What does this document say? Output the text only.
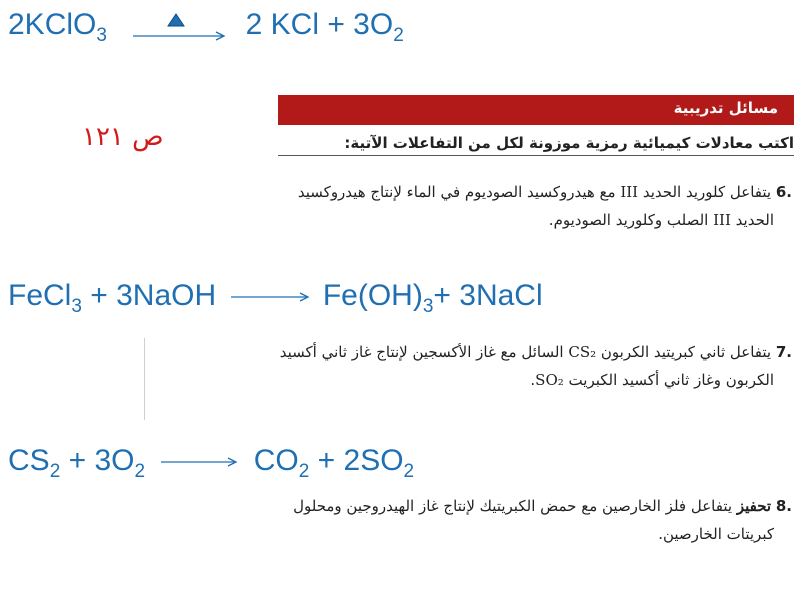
2KClO$_3$	2 KCl + $3O_2$
مسائل تدريبية
ص ١٢١	اكتب معادلات كيميائية رمزية موزونة لكل من التفاعلات الآتية:
.6 يتفاعل كلوريد الحديد III مع هيدروكسيد الصوديوم في الماء لإنتاج هيدروكسيد
الحديد III الصلب وكلوريد الصوديوم.
FeCl$_3$ + 3NaOH → $Fe(OH)_3+$ 3NaCl
.7 يتفاعل ثاني كبريتيد الكربون CS₂ السائل مع غاز الأكسجين لإنتاج غاز ثاني أكسيد
الكربون وغاز ثاني أكسيد الكبريت SO₂.
$CS_2 + 3O_2 \to CO_2 + 2SO_2$
.8 تحفيز يتفاعل فلز الخارصين مع حمض الكبريتيك لإنتاج غاز الهيدروجين ومحلول
كبريتات الخارصين.
